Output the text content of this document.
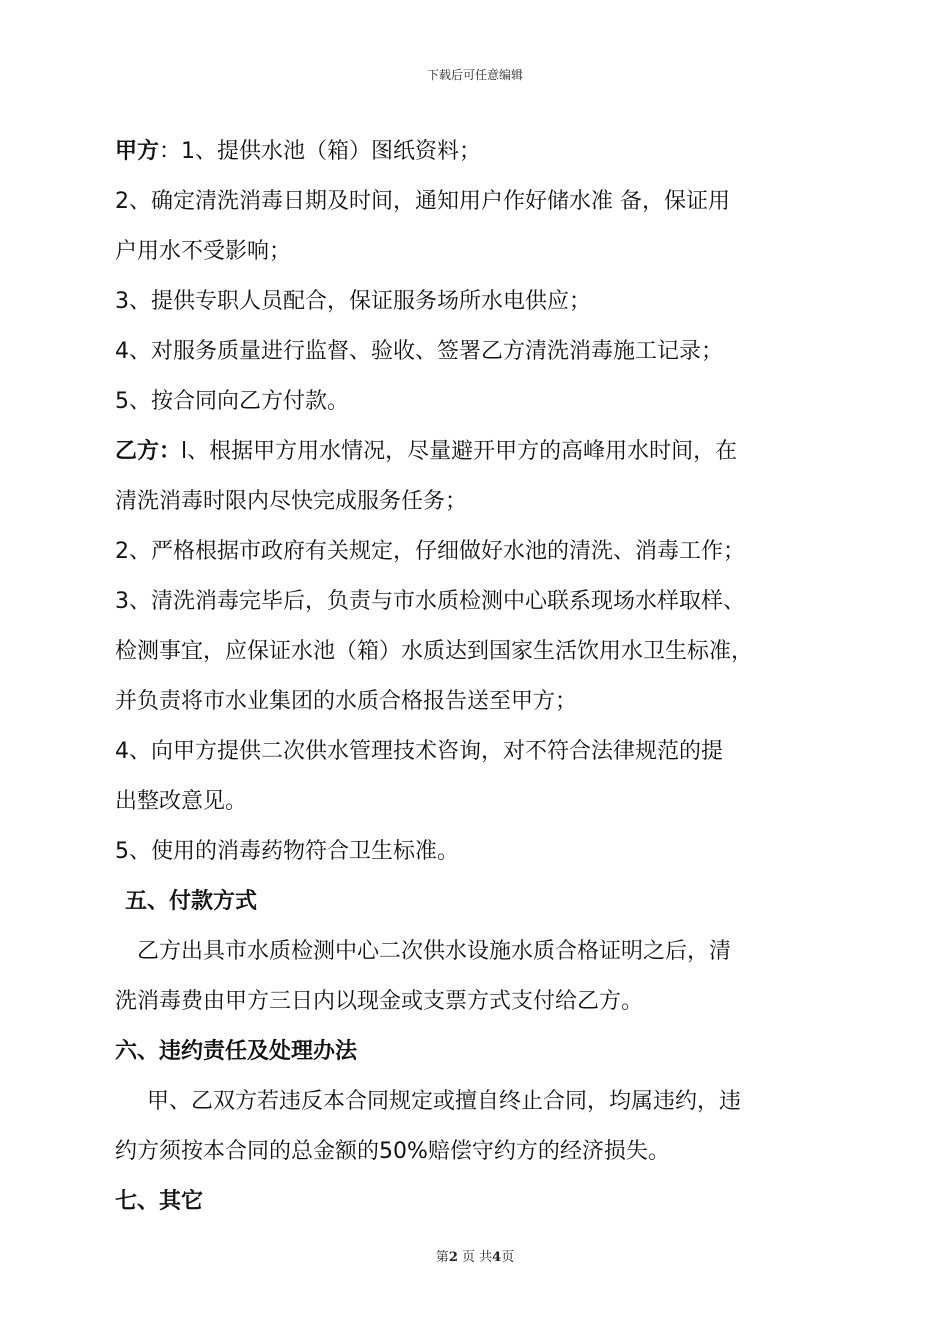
下载后可任意编辑

甲方：1、提供水池（箱）图纸资料；

2、确定清洗消毒日期及时间，通知用户作好储水准 备，保证用

户用水不受影响；

3、提供专职人员配合，保证服务场所水电供应；

4、对服务质量进行监督、验收、签署乙方清洗消毒施工记录；

5、按合同向乙方付款。

乙方：l、根据甲方用水情况，尽量避开甲方的高峰用水时间，在

清洗消毒时限内尽快完成服务任务；

2、严格根据市政府有关规定，仔细做好水池的清洗、消毒工作；

3、清洗消毒完毕后，负责与市水质检测中心联系现场水样取样、

检测事宜，应保证水池（箱）水质达到国家生活饮用水卫生标准，

并负责将市水业集团的水质合格报告送至甲方；

4、向甲方提供二次供水管理技术咨询，对不符合法律规范的提

出整改意见。

5、使用的消毒药物符合卫生标准。

五、付款方式

乙方出具市水质检测中心二次供水设施水质合格证明之后，清

洗消毒费由甲方三日内以现金或支票方式支付给乙方。

六、违约责任及处理办法

甲、乙双方若违反本合同规定或擅自终止合同，均属违约，违

约方须按本合同的总金额的50%赔偿守约方的经济损失。

七、其它

第2 页 共4页
